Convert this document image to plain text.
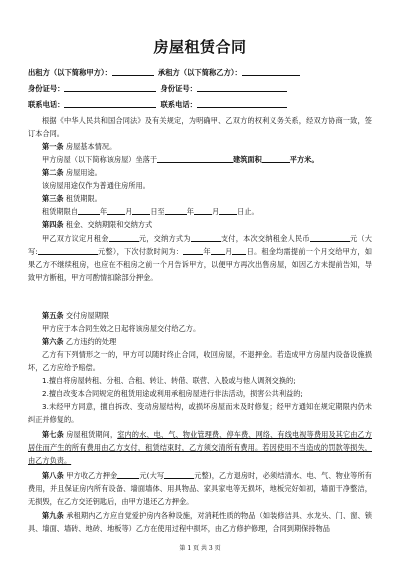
房屋租赁合同
出租方（以下简称甲方）：	承租方（以下简称乙方）：
身份证号：	身份证号：
联系电话：	联系电话：
根据《中华人民共和国合同法》及有关规定，为明确甲、乙双方的权利义务关系，经双方协商一致，签订本合同。
第一条 房屋基本情况。
甲方房屋（以下简称该房屋）坐落于	建筑面积	平方米。
第二条 房屋用途。
该房屋用途仅作为普通住房所用。
第三条 租赁期限。
租赁期限自	年	月	日至	年	月	日止。
第四条 租金、交纳期限和交纳方式
甲乙双方议定月租金	元，交纳方式为	支付，本次交纳租金人民币	元（大写:	元整），下次付款时间为：	年 月 日。租金均需提前一个月交给甲方，如果乙方不继续租房，也应在不租房之前一个月告诉甲方，以便甲方再次出售房屋，如因乙方未提前告知，导致甲方断租，甲方可酌情扣除部分押金。
第五条 交付房屋期限
甲方应于本合同生效之日起将该房屋交付给乙方。
第六条 乙方违约的处理
乙方有下列情形之一的，甲方可以随时终止合同，收回房屋，不退押金。若造成甲方房屋内设备设施损坏，乙方应给予赔偿。
1.擅自将房屋转租、分租、合租、转让、转借、联营、入股或与他人调剂交换的;
2.擅自改变本合同规定的租赁用途或利用承租房屋进行非法活动，损害公共利益的;
3.未经甲方同意，擅自拆改、变动房屋结构，或损坏房屋而未及时修复；经甲方通知在规定期限内仍未纠正并修复的。
第七条 房屋租赁期间，室内的水、电、气、物业管理费、停车费、网络、有线电视等费用及其它由乙方居住而产生的所有费用由乙方支付，租赁结束时，乙方须交清所有费用。若因使用不当造成的罚款等损失，由乙方负责。
第八条 甲方收乙方押金	元(大写	元整)，乙方退房时，必须结清水、电、气、物业等所有费用，并且保证房内所有设备、墙面墙体、用具物品、家具家电等无损坏，地板完好如初，墙面干净整洁，无损毁，在乙方交还钥匙后，由甲方退还乙方押金。
第九条 承租期内乙方应自觉爱护房内各种设施，对消耗性质的物品（如装修洁具、水龙头、门、窗、锁具、墙面、墙砖、地砖、地板等）乙方在使用过程中损坏，由乙方修护修理，合同到期保持物品
第 1 页 共 3 页
